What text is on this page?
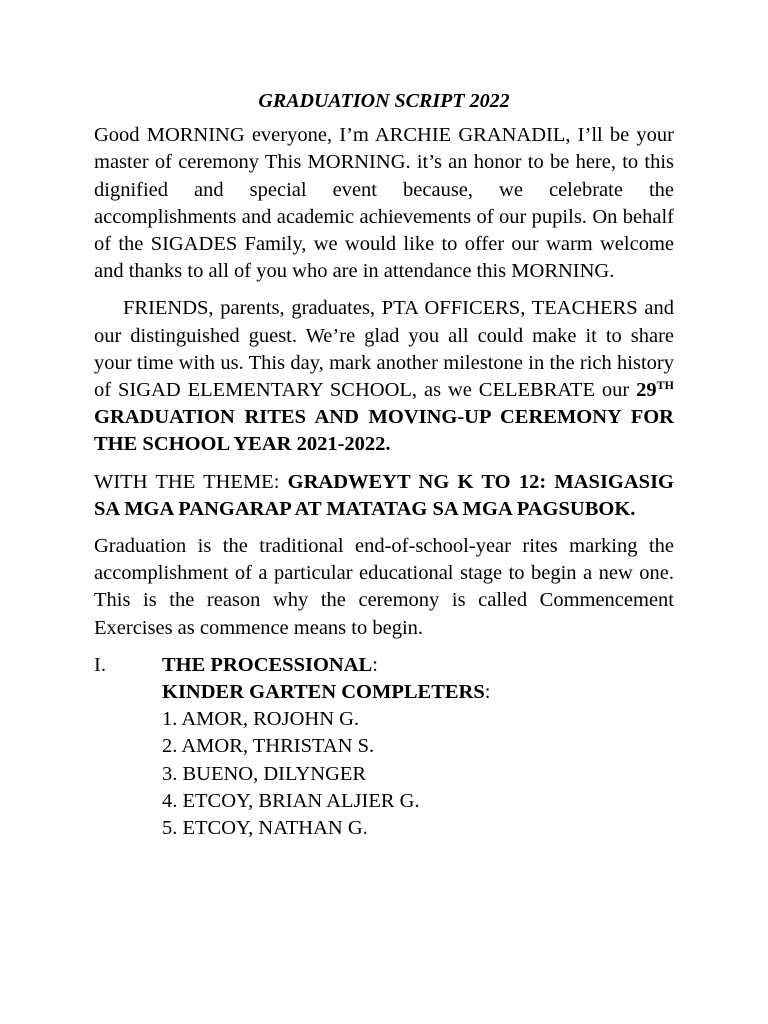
GRADUATION SCRIPT 2022
Good MORNING everyone, I’m ARCHIE GRANADIL, I’ll be your master of ceremony This MORNING. it’s an honor to be here, to this dignified and special event because, we celebrate the accomplishments and academic achievements of our pupils. On behalf of the SIGADES Family, we would like to offer our warm welcome and thanks to all of you who are in attendance this MORNING.
FRIENDS, parents, graduates, PTA OFFICERS, TEACHERS and our distinguished guest. We’re glad you all could make it to share your time with us. This day, mark another milestone in the rich history of SIGAD ELEMENTARY SCHOOL, as we CELEBRATE our 29TH GRADUATION RITES AND MOVING-UP CEREMONY FOR THE SCHOOL YEAR 2021-2022.
WITH THE THEME: GRADWEYT NG K TO 12: MASIGASIG SA MGA PANGARAP AT MATATAG SA MGA PAGSUBOK.
Graduation is the traditional end-of-school-year rites marking the accomplishment of a particular educational stage to begin a new one. This is the reason why the ceremony is called Commencement Exercises as commence means to begin.
I.	THE PROCESSIONAL:
KINDER GARTEN COMPLETERS:
1. AMOR, ROJOHN G.
2. AMOR, THRISTAN S.
3. BUENO, DILYNGER
4. ETCOY, BRIAN ALJIER G.
5. ETCOY, NATHAN G.
